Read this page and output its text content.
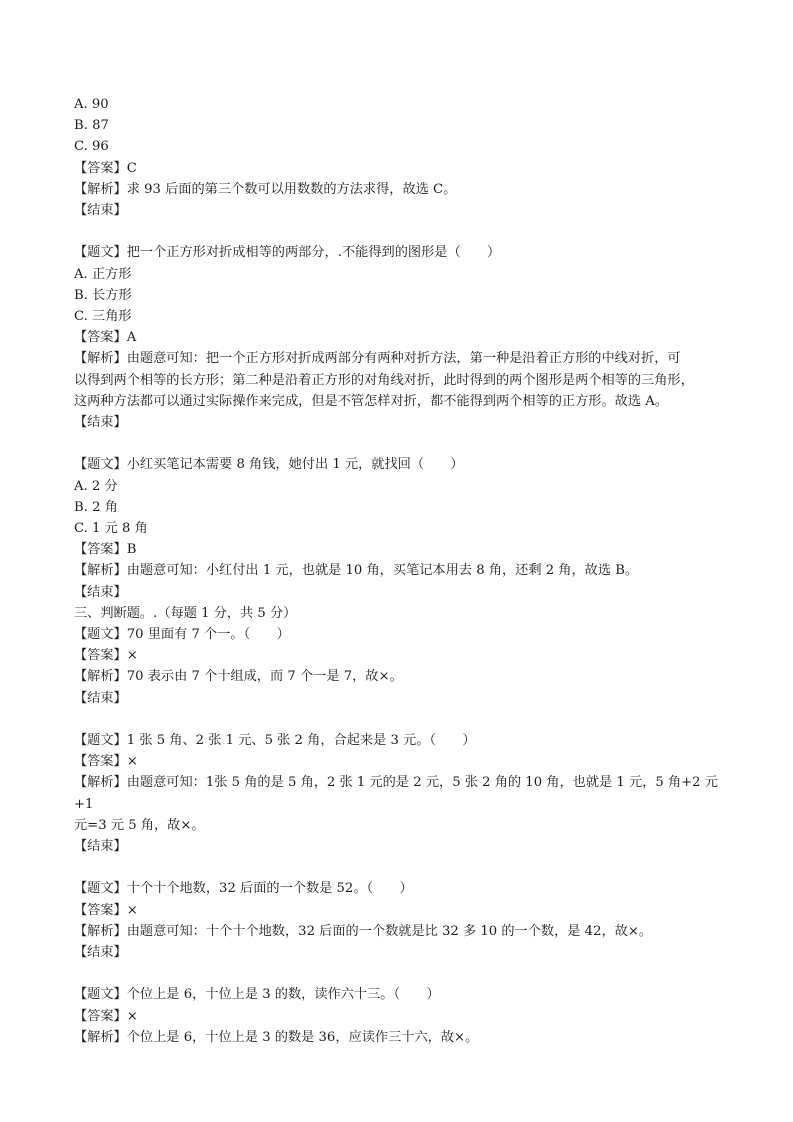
A. 90
B. 87
C. 96
【答案】C
【解析】求 93 后面的第三个数可以用数数的方法求得，故选 C。
【结束】
【题文】把一个正方形对折成相等的两部分，.不能得到的图形是（　　）
A. 正方形
B. 长方形
C. 三角形
【答案】A
【解析】由题意可知：把一个正方形对折成两部分有两种对折方法，第一种是沿着正方形的中线对折，可
以得到两个相等的长方形；第二种是沿着正方形的对角线对折，此时得到的两个图形是两个相等的三角形，
这两种方法都可以通过实际操作来完成，但是不管怎样对折，都不能得到两个相等的正方形。故选 A。
【结束】
【题文】小红买笔记本需要 8 角钱，她付出 1 元，就找回（　　）
A. 2 分
B. 2 角
C. 1 元 8 角
【答案】B
【解析】由题意可知：小红付出 1 元，也就是 10 角，买笔记本用去 8 角，还剩 2 角，故选 B。
【结束】
三、判断题。.（每题 1 分，共 5 分）
【题文】70 里面有 7 个一。（　　）
【答案】×
【解析】70 表示由 7 个十组成，而 7 个一是 7，故×。
【结束】
【题文】1 张 5 角、2 张 1 元、5 张 2 角，合起来是 3 元。（　　）
【答案】×
【解析】由题意可知：1张 5 角的是 5 角，2 张 1 元的是 2 元，5 张 2 角的 10 角，也就是 1 元，5 角+2 元+1
元=3 元 5 角，故×。
【结束】
【题文】十个十个地数，32 后面的一个数是 52。（　　）
【答案】×
【解析】由题意可知：十个十个地数，32 后面的一个数就是比 32 多 10 的一个数，是 42，故×。
【结束】
【题文】个位上是 6，十位上是 3 的数，读作六十三。（　　）
【答案】×
【解析】个位上是 6，十位上是 3 的数是 36，应读作三十六，故×。
